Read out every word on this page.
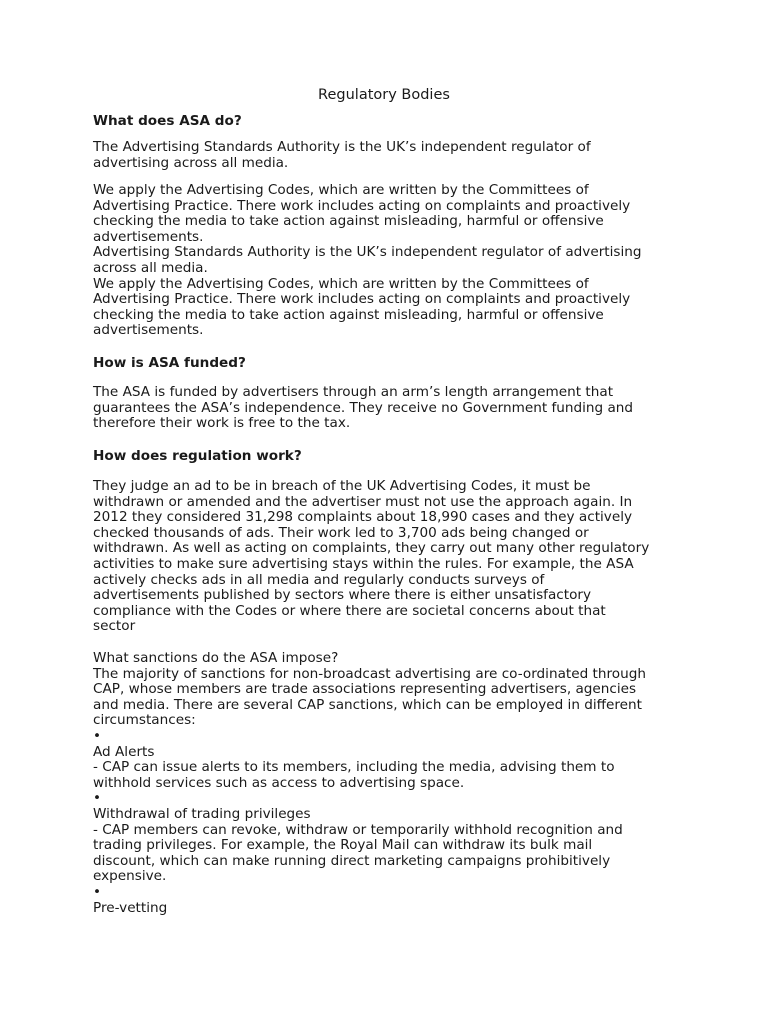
Regulatory Bodies
What does ASA do?

The Advertising Standards Authority is the UK’s independent regulator of
advertising across all media.

We apply the Advertising Codes, which are written by the Committees of
Advertising Practice. There work includes acting on complaints and proactively
checking the media to take action against misleading, harmful or offensive
advertisements.
Advertising Standards Authority is the UK’s independent regulator of advertising
across all media.
We apply the Advertising Codes, which are written by the Committees of
Advertising Practice. There work includes acting on complaints and proactively
checking the media to take action against misleading, harmful or offensive
advertisements.

How is ASA funded?

The ASA is funded by advertisers through an arm’s length arrangement that
guarantees the ASA’s independence. They receive no Government funding and
therefore their work is free to the tax.

How does regulation work?

They judge an ad to be in breach of the UK Advertising Codes, it must be
withdrawn or amended and the advertiser must not use the approach again. In
2012 they considered 31,298 complaints about 18,990 cases and they actively
checked thousands of ads. Their work led to 3,700 ads being changed or
withdrawn. As well as acting on complaints, they carry out many other regulatory
activities to make sure advertising stays within the rules. For example, the ASA
actively checks ads in all media and regularly conducts surveys of
advertisements published by sectors where there is either unsatisfactory
compliance with the Codes or where there are societal concerns about that
sector

What sanctions do the ASA impose?
The majority of sanctions for non-broadcast advertising are co-ordinated through
CAP, whose members are trade associations representing advertisers, agencies
and media. There are several CAP sanctions, which can be employed in different
circumstances:
•
Ad Alerts
- CAP can issue alerts to its members, including the media, advising them to
withhold services such as access to advertising space.
•
Withdrawal of trading privileges
- CAP members can revoke, withdraw or temporarily withhold recognition and
trading privileges. For example, the Royal Mail can withdraw its bulk mail
discount, which can make running direct marketing campaigns prohibitively
expensive.
•
Pre-vetting
